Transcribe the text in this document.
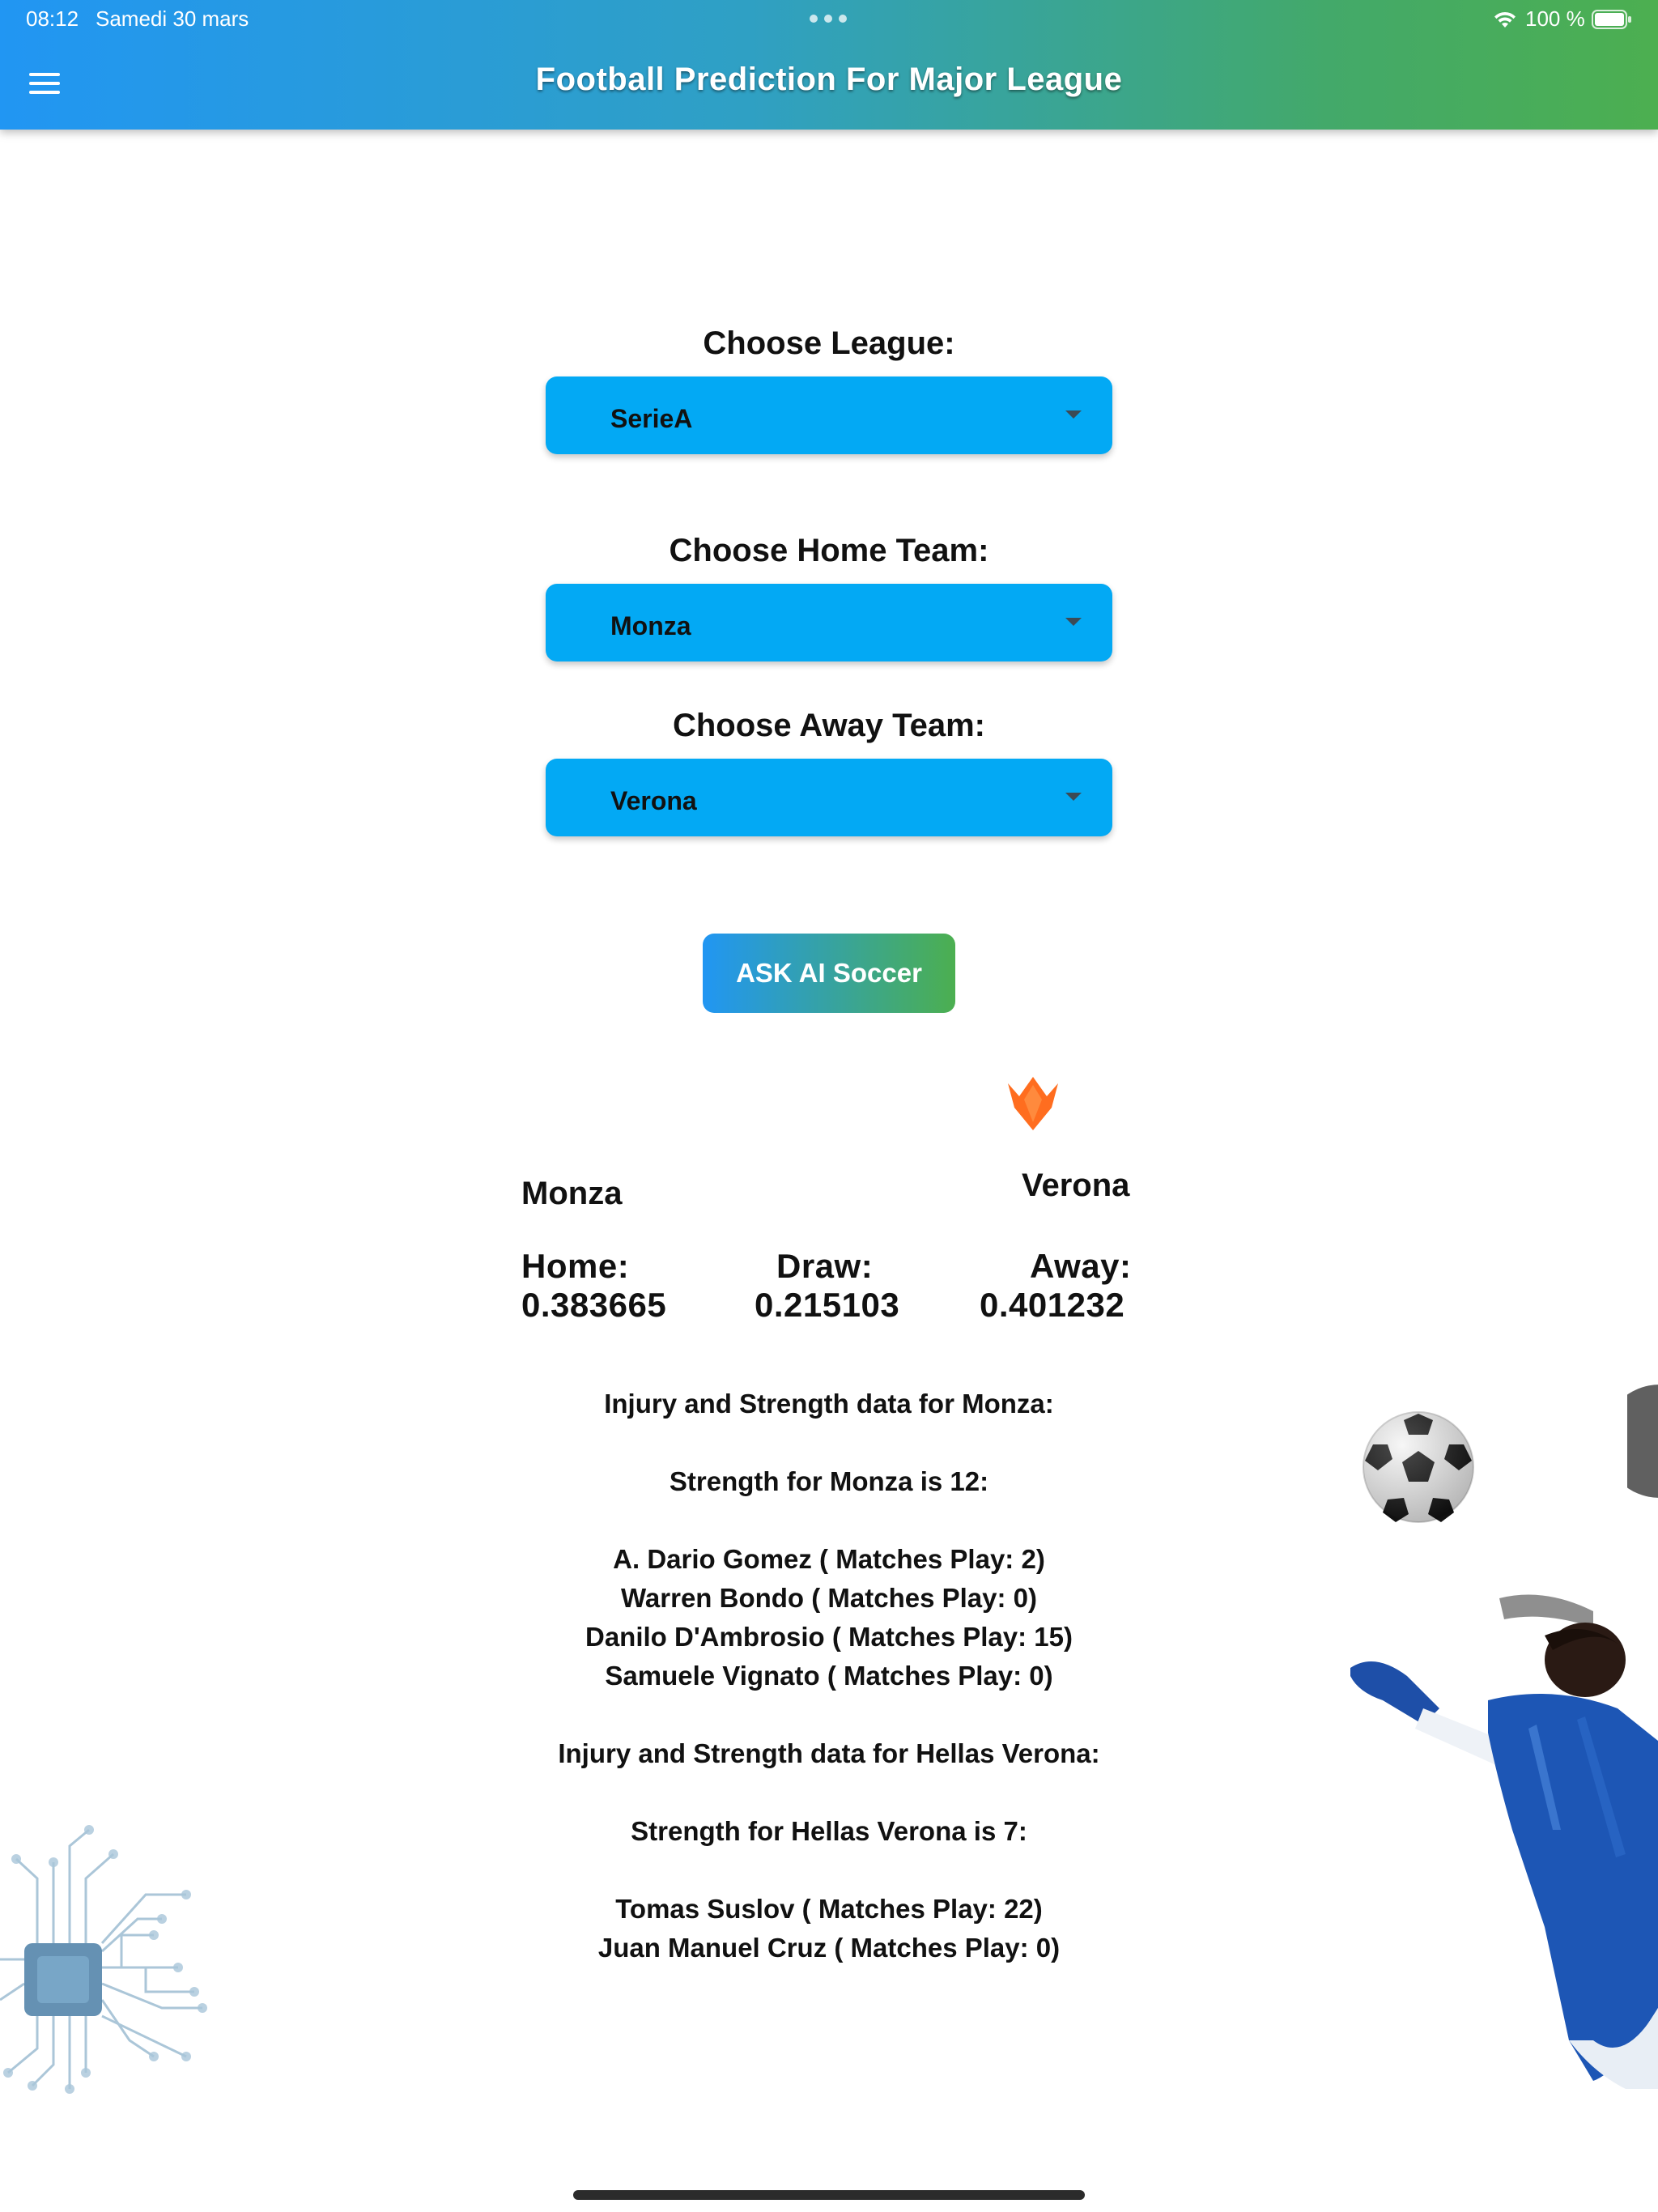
08:12 Samedi 30 mars	100 %
Football Prediction For Major League
Choose League:
SerieA
Choose Home Team:
Monza
Choose Away Team:
Verona
ASK AI Soccer
Monza	Verona
Home:
0.383665
Draw:
0.215103
Away:
0.401232
Injury and Strength data for Monza:
Strength for Monza is 12:
A. Dario Gomez ( Matches Play: 2)
Warren Bondo ( Matches Play: 0)
Danilo D'Ambrosio ( Matches Play: 15)
Samuele Vignato ( Matches Play: 0)
Injury and Strength data for Hellas Verona:
Strength for Hellas Verona is 7:
Tomas Suslov ( Matches Play: 22)
Juan Manuel Cruz ( Matches Play: 0)
